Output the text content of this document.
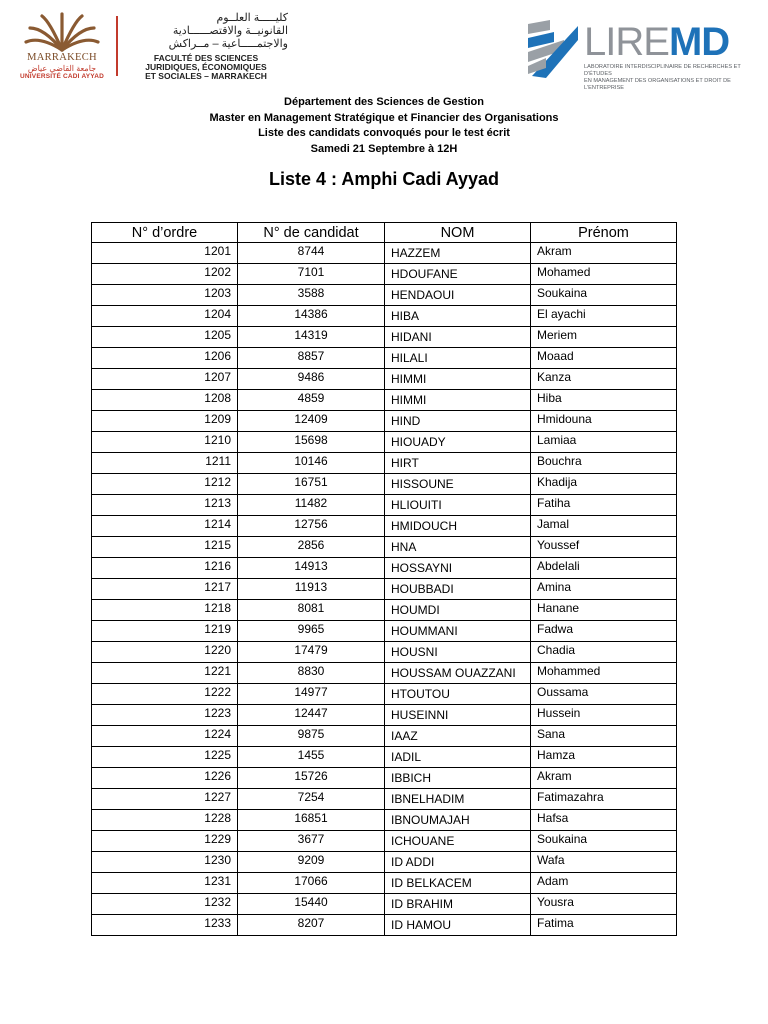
MARRAKECH
جامعة القاضي عياض
UNIVERSITÉ CADI AYYAD
كليـــــة العلــوم
القانونيــة والاقتصــــــادية
والاجتمـــــاعية – مــراكش
FACULTÉ DES SCIENCES
JURIDIQUES, ÉCONOMIQUES
ET SOCIALES – MARRAKECH
LIREMD
LABORATOIRE INTERDISCIPLINAIRE DE RECHERCHES ET D'ÉTUDES
EN MANAGEMENT DES ORGANISATIONS ET DROIT DE L'ENTREPRISE
Département des Sciences de Gestion
Master en Management Stratégique et Financier des Organisations
Liste des candidats convoqués pour le test écrit
Samedi 21 Septembre à 12H
Liste 4 : Amphi Cadi Ayyad
N° d’ordre	N° de candidat	NOM	Prénom
1201	8744	HAZZEM	Akram
1202	7101	HDOUFANE	Mohamed
1203	3588	HENDAOUI	Soukaina
1204	14386	HIBA	El ayachi
1205	14319	HIDANI	Meriem
1206	8857	HILALI	Moaad
1207	9486	HIMMI	Kanza
1208	4859	HIMMI	Hiba
1209	12409	HIND	Hmidouna
1210	15698	HIOUADY	Lamiaa
1211	10146	HIRT	Bouchra
1212	16751	HISSOUNE	Khadija
1213	11482	HLIOUITI	Fatiha
1214	12756	HMIDOUCH	Jamal
1215	2856	HNA	Youssef
1216	14913	HOSSAYNI	Abdelali
1217	11913	HOUBBADI	Amina
1218	8081	HOUMDI	Hanane
1219	9965	HOUMMANI	Fadwa
1220	17479	HOUSNI	Chadia
1221	8830	HOUSSAM OUAZZANI	Mohammed
1222	14977	HTOUTOU	Oussama
1223	12447	HUSEINNI	Hussein
1224	9875	IAAZ	Sana
1225	1455	IADIL	Hamza
1226	15726	IBBICH	Akram
1227	7254	IBNELHADIM	Fatimazahra
1228	16851	IBNOUMAJAH	Hafsa
1229	3677	ICHOUANE	Soukaina
1230	9209	ID ADDI	Wafa
1231	17066	ID BELKACEM	Adam
1232	15440	ID BRAHIM	Yousra
1233	8207	ID HAMOU	Fatima
